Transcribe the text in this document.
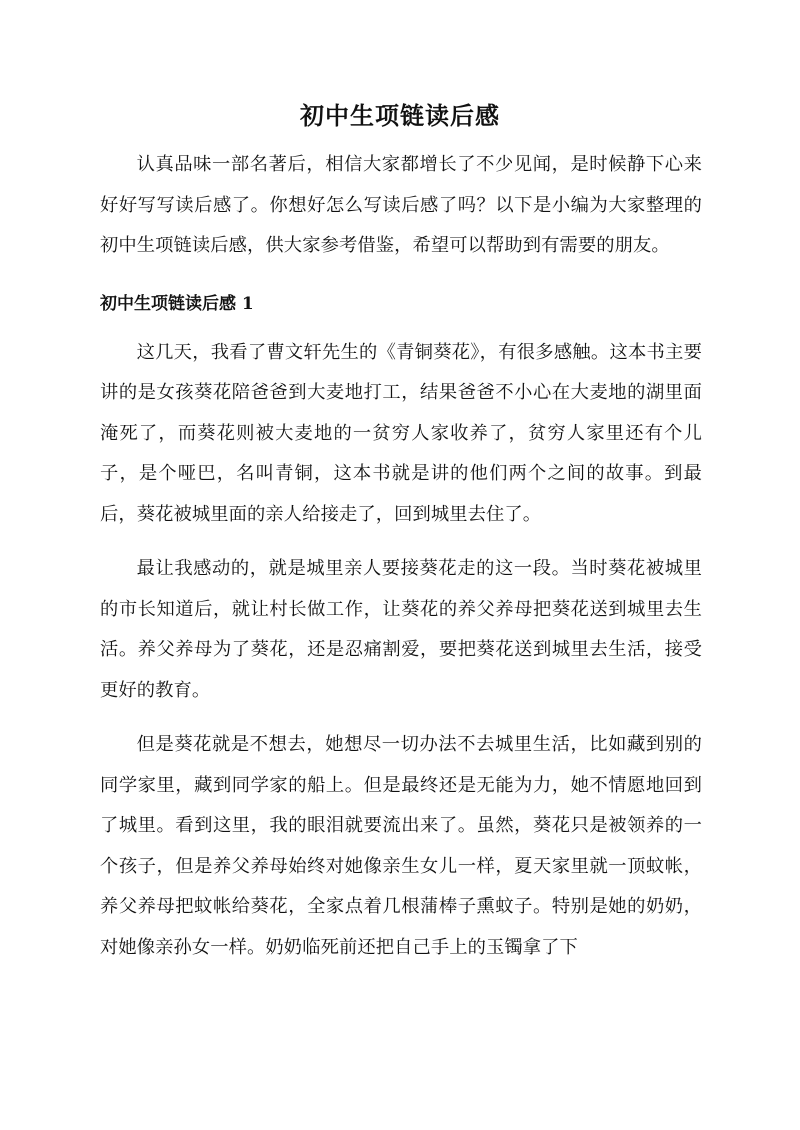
初中生项链读后感

认真品味一部名著后，相信大家都增长了不少见闻，是时候静下心来好好写写读后感了。你想好怎么写读后感了吗？以下是小编为大家整理的初中生项链读后感，供大家参考借鉴，希望可以帮助到有需要的朋友。

初中生项链读后感 1

这几天，我看了曹文轩先生的《青铜葵花》，有很多感触。这本书主要讲的是女孩葵花陪爸爸到大麦地打工，结果爸爸不小心在大麦地的湖里面淹死了，而葵花则被大麦地的一贫穷人家收养了，贫穷人家里还有个儿子，是个哑巴，名叫青铜，这本书就是讲的他们两个之间的故事。到最后，葵花被城里面的亲人给接走了，回到城里去住了。

最让我感动的，就是城里亲人要接葵花走的这一段。当时葵花被城里的市长知道后，就让村长做工作，让葵花的养父养母把葵花送到城里去生活。养父养母为了葵花，还是忍痛割爱，要把葵花送到城里去生活，接受更好的教育。

但是葵花就是不想去，她想尽一切办法不去城里生活，比如藏到别的同学家里，藏到同学家的船上。但是最终还是无能为力，她不情愿地回到了城里。看到这里，我的眼泪就要流出来了。虽然，葵花只是被领养的一个孩子，但是养父养母始终对她像亲生女儿一样，夏天家里就一顶蚊帐，养父养母把蚊帐给葵花，全家点着几根蒲棒子熏蚊子。特别是她的奶奶，对她像亲孙女一样。奶奶临死前还把自己手上的玉镯拿了下
